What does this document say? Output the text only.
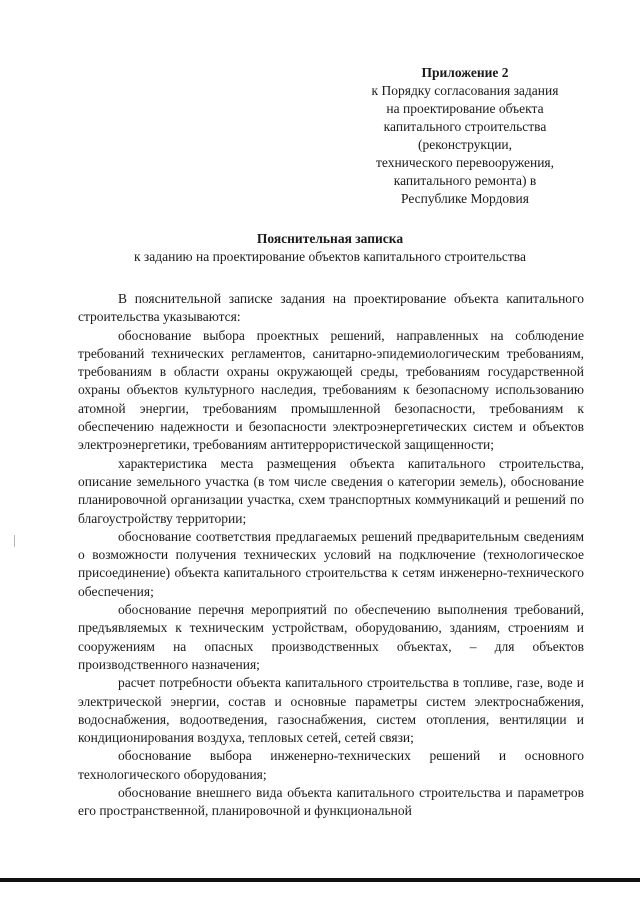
Приложение 2
к Порядку согласования задания
на проектирование объекта
капитального строительства
(реконструкции,
технического перевооружения,
капитального ремонта) в
Республике Мордовия
Пояснительная записка
к заданию на проектирование объектов капитального строительства

В пояснительной записке задания на проектирование объекта капитального строительства указываются:

обоснование выбора проектных решений, направленных на соблюдение требований технических регламентов, санитарно-эпидемиологическим требованиям, требованиям в области охраны окружающей среды, требованиям государственной охраны объектов культурного наследия, требованиям к безопасному использованию атомной энергии, требованиям промышленной безопасности, требованиям к обеспечению надежности и безопасности электроэнергетических систем и объектов электроэнергетики, требованиям антитеррористической защищенности;

характеристика места размещения объекта капитального строительства, описание земельного участка (в том числе сведения о категории земель), обоснование планировочной организации участка, схем транспортных коммуникаций и решений по благоустройству территории;

обоснование соответствия предлагаемых решений предварительным сведениям о возможности получения технических условий на подключение (технологическое присоединение) объекта капитального строительства к сетям инженерно-технического обеспечения;

обоснование перечня мероприятий по обеспечению выполнения требований, предъявляемых к техническим устройствам, оборудованию, зданиям, строениям и сооружениям на опасных производственных объектах, – для объектов производственного назначения;

расчет потребности объекта капитального строительства в топливе, газе, воде и электрической энергии, состав и основные параметры систем электроснабжения, водоснабжения, водоотведения, газоснабжения, систем отопления, вентиляции и кондиционирования воздуха, тепловых сетей, сетей связи;

обоснование выбора инженерно-технических решений и основного технологического оборудования;

обоснование внешнего вида объекта капитального строительства и параметров его пространственной, планировочной и функциональной
